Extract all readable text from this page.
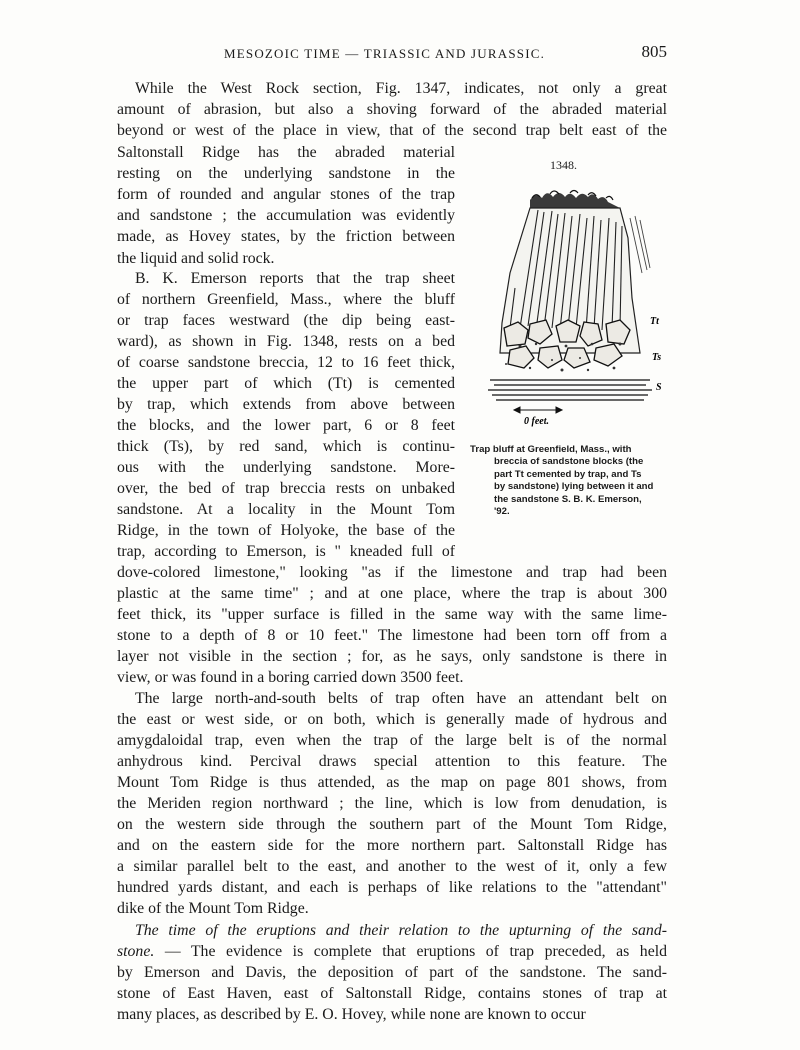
MESOZOIC TIME — TRIASSIC AND JURASSIC.	805
While the West Rock section, Fig. 1347, indicates, not only a great
amount of abrasion, but also a shoving forward of the abraded material
beyond or west of the place in view, that of the second trap belt east of the
Saltonstall Ridge has the abraded material
resting on the underlying sandstone in the
form of rounded and angular stones of the trap
and sandstone ; the accumulation was evidently
made, as Hovey states, by the friction between
the liquid and solid rock.
B. K. Emerson reports that the trap sheet
of northern Greenfield, Mass., where the bluff
or trap faces westward (the dip being east-
ward), as shown in Fig. 1348, rests on a bed
of coarse sandstone breccia, 12 to 16 feet thick,
the upper part of which (Tt) is cemented
by trap, which extends from above between
the blocks, and the lower part, 6 or 8 feet
thick (Ts), by red sand, which is continu-
ous with the underlying sandstone. More-
over, the bed of trap breccia rests on unbaked
sandstone. At a locality in the Mount Tom
Ridge, in the town of Holyoke, the base of the
trap, according to Emerson, is " kneaded full of
dove-colored limestone," looking "as if the limestone and trap had been
plastic at the same time" ; and at one place, where the trap is about 300
feet thick, its "upper surface is filled in the same way with the same lime-
stone to a depth of 8 or 10 feet." The limestone had been torn off from a
layer not visible in the section ; for, as he says, only sandstone is there in
view, or was found in a boring carried down 3500 feet.
The large north-and-south belts of trap often have an attendant belt on
the east or west side, or on both, which is generally made of hydrous and
amygdaloidal trap, even when the trap of the large belt is of the normal
anhydrous kind. Percival draws special attention to this feature. The
Mount Tom Ridge is thus attended, as the map on page 801 shows, from
the Meriden region northward ; the line, which is low from denudation, is
on the western side through the southern part of the Mount Tom Ridge,
and on the eastern side for the more northern part. Saltonstall Ridge has
a similar parallel belt to the east, and another to the west of it, only a few
hundred yards distant, and each is perhaps of like relations to the "attendant"
dike of the Mount Tom Ridge.
The time of the eruptions and their relation to the upturning of the sand-
stone. — The evidence is complete that eruptions of trap preceded, as held
by Emerson and Davis, the deposition of part of the sandstone. The sand-
stone of East Haven, east of Saltonstall Ridge, contains stones of trap at
many places, as described by E. O. Hovey, while none are known to occur
1348.
Tt
Ts
S
0 feet.
Trap bluff at Greenfield, Mass., with
breccia of sandstone blocks (the
part Tt cemented by trap, and Ts
by sandstone) lying between it and
the sandstone S. B. K. Emerson,
'92.
